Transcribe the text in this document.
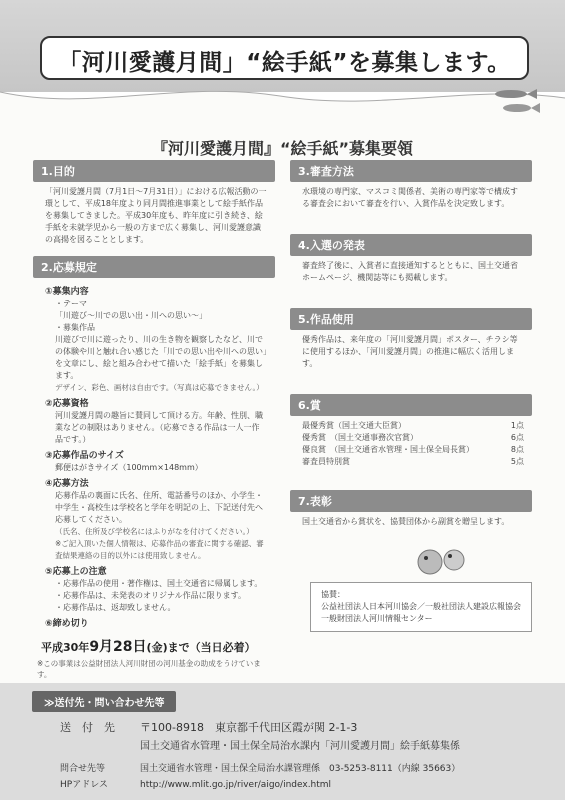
「河川愛護月間」“絵手紙”を募集します。
『河川愛護月間』“絵手紙”募集要領
1.目的
「河川愛護月間（7月1日〜7月31日）」における広報活動の一環として、平成18年度より同月間推進事業として絵手紙作品を募集してきました。平成30年度も、昨年度に引き続き、絵手紙を未就学児から一般の方まで広く募集し、河川愛護意識の高揚を図ることとします。
2.応募規定
①募集内容
・テーマ
「川遊び〜川での思い出・川への思い〜」
・募集作品
川遊びで川に遊ったり、川の生き物を観察したなど、川での体験や川と触れ合い感じた「川での思い出や川への思い」を文章にし、絵と組み合わせて描いた「絵手紙」を募集します。
デザイン、彩色、画材は自由です。（写真は応募できません。）
②応募資格
河川愛護月間の趣旨に賛同して頂ける方。年齢、性別、職業などの制限はありません。（応募できる作品は一人一作品です。）
③応募作品のサイズ
郵便はがきサイズ（100mm×148mm）
④応募方法
応募作品の裏面に氏名、住所、電話番号のほか、小学生・中学生・高校生は学校名と学年を明記の上、下記送付先へ応募してください。
（氏名、住所及び学校名にはふりがなを付けてください。）
※ご記入頂いた個人情報は、応募作品の審査に関する確認、審査結果連絡の目的以外には使用致しません。
⑤応募上の注意
・応募作品の使用・著作権は、国土交通省に帰属します。
・応募作品は、未発表のオリジナル作品に限ります。
・応募作品は、返却致しません。
⑥締め切り
平成30年9月28日(金)まで（当日必着）
※この事業は公益財団法人河川財団の河川基金の助成をうけています。
3.審査方法
水環境の専門家、マスコミ関係者、美術の専門家等で構成する審査会において審査を行い、入賞作品を決定致します。
4.入選の発表
審査終了後に、入賞者に直接通知するとともに、国土交通省ホームページ、機関誌等にも掲載します。
5.作品使用
優秀作品は、来年度の「河川愛護月間」ポスター、チラシ等に使用するほか、「河川愛護月間」の推進に幅広く活用します。
6.賞
最優秀賞（国土交通大臣賞）	1点
優秀賞　（国土交通事務次官賞）	6点
優良賞　（国土交通省水管理・国土保全局長賞）	8点
審査員特別賞	5点
7.表彰
国土交通省から賞状を、協賛団体から副賞を贈呈します。
協賛：
公益社団法人日本河川協会／一般社団法人建設広報協会
一般財団法人河川情報センター
≫送付先・問い合わせ先等
送　付　先 〒100-8918　東京都千代田区霞が関 2-1-3
国土交通省水管理・国土保全局治水課内「河川愛護月間」絵手紙募集係
問合せ先等	国土交通省水管理・国土保全局治水課管理係　03-5253-8111（内線 35663）
HPアドレス	http://www.mlit.go.jp/river/aigo/index.html
